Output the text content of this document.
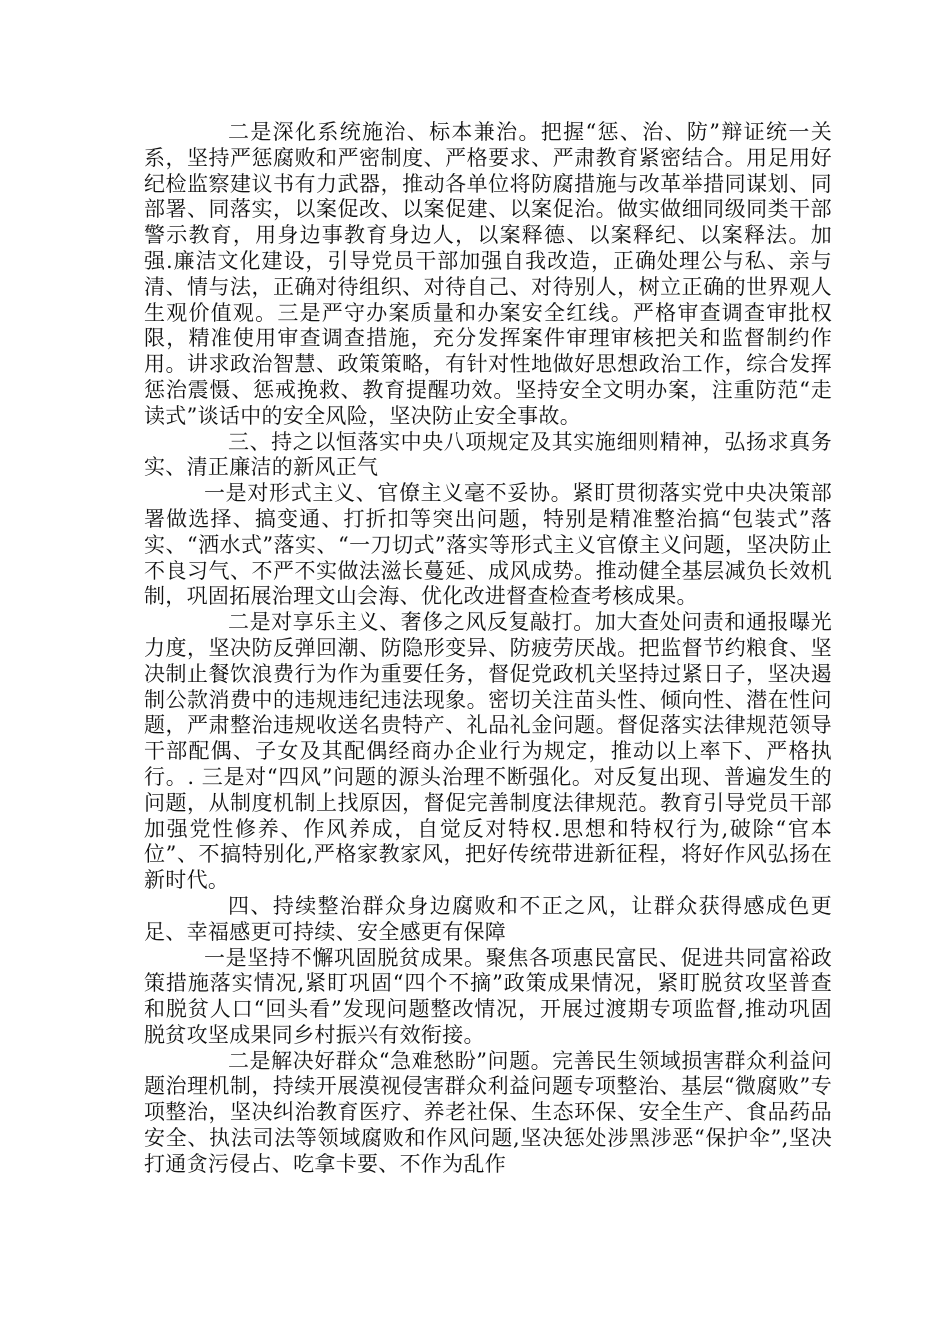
二是深化系统施治、标本兼治。把握“惩、治、防”辩证统一关系，坚持严惩腐败和严密制度、严格要求、严肃教育紧密结合。用足用好纪检监察建议书有力武器，推动各单位将防腐措施与改革举措同谋划、同部署、同落实，以案促改、以案促建、以案促治。做实做细同级同类干部警示教育，用身边事教育身边人，以案释德、以案释纪、以案释法。加强.廉洁文化建设，引导党员干部加强自我改造，正确处理公与私、亲与清、情与法，正确对待组织、对待自己、对待别人，树立正确的世界观人生观价值观。三是严守办案质量和办案安全红线。严格审查调查审批权限，精准使用审查调查措施，充分发挥案件审理审核把关和监督制约作用。讲求政治智慧、政策策略，有针对性地做好思想政治工作，综合发挥惩治震慑、惩戒挽救、教育提醒功效。坚持安全文明办案，注重防范“走读式”谈话中的安全风险，坚决防止安全事故。

三、持之以恒落实中央八项规定及其实施细则精神，弘扬求真务实、清正廉洁的新风正气

一是对形式主义、官僚主义毫不妥协。紧盯贯彻落实党中央决策部署做选择、搞变通、打折扣等突出问题，特别是精准整治搞“包装式”落实、“洒水式”落实、“一刀切式”落实等形式主义官僚主义问题，坚决防止不良习气、不严不实做法滋长蔓延、成风成势。推动健全基层减负长效机制，巩固拓展治理文山会海、优化改进督查检查考核成果。

二是对享乐主义、奢侈之风反复敲打。加大查处问责和通报曝光力度，坚决防反弹回潮、防隐形变异、防疲劳厌战。把监督节约粮食、坚决制止餐饮浪费行为作为重要任务，督促党政机关坚持过紧日子，坚决遏制公款消费中的违规违纪违法现象。密切关注苗头性、倾向性、潜在性问题，严肃整治违规收送名贵特产、礼品礼金问题。督促落实法律规范领导干部配偶、子女及其配偶经商办企业行为规定，推动以上率下、严格执行。. 三是对“四风”问题的源头治理不断强化。对反复出现、普遍发生的问题，从制度机制上找原因，督促完善制度法律规范。教育引导党员干部加强党性修养、作风养成，自觉反对特权.思想和特权行为,破除“官本位”、不搞特别化,严格家教家风，把好传统带进新征程，将好作风弘扬在新时代。

四、持续整治群众身边腐败和不正之风，让群众获得感成色更足、幸福感更可持续、安全感更有保障

一是坚持不懈巩固脱贫成果。聚焦各项惠民富民、促进共同富裕政策措施落实情况,紧盯巩固“四个不摘”政策成果情况，紧盯脱贫攻坚普查和脱贫人口“回头看”发现问题整改情况，开展过渡期专项监督,推动巩固脱贫攻坚成果同乡村振兴有效衔接。

二是解决好群众“急难愁盼”问题。完善民生领域损害群众利益问题治理机制，持续开展漠视侵害群众利益问题专项整治、基层“微腐败”专项整治，坚决纠治教育医疗、养老社保、生态环保、安全生产、食品药品安全、执法司法等领域腐败和作风问题,坚决惩处涉黑涉恶“保护伞”,坚决打通贪污侵占、吃拿卡要、不作为乱作
